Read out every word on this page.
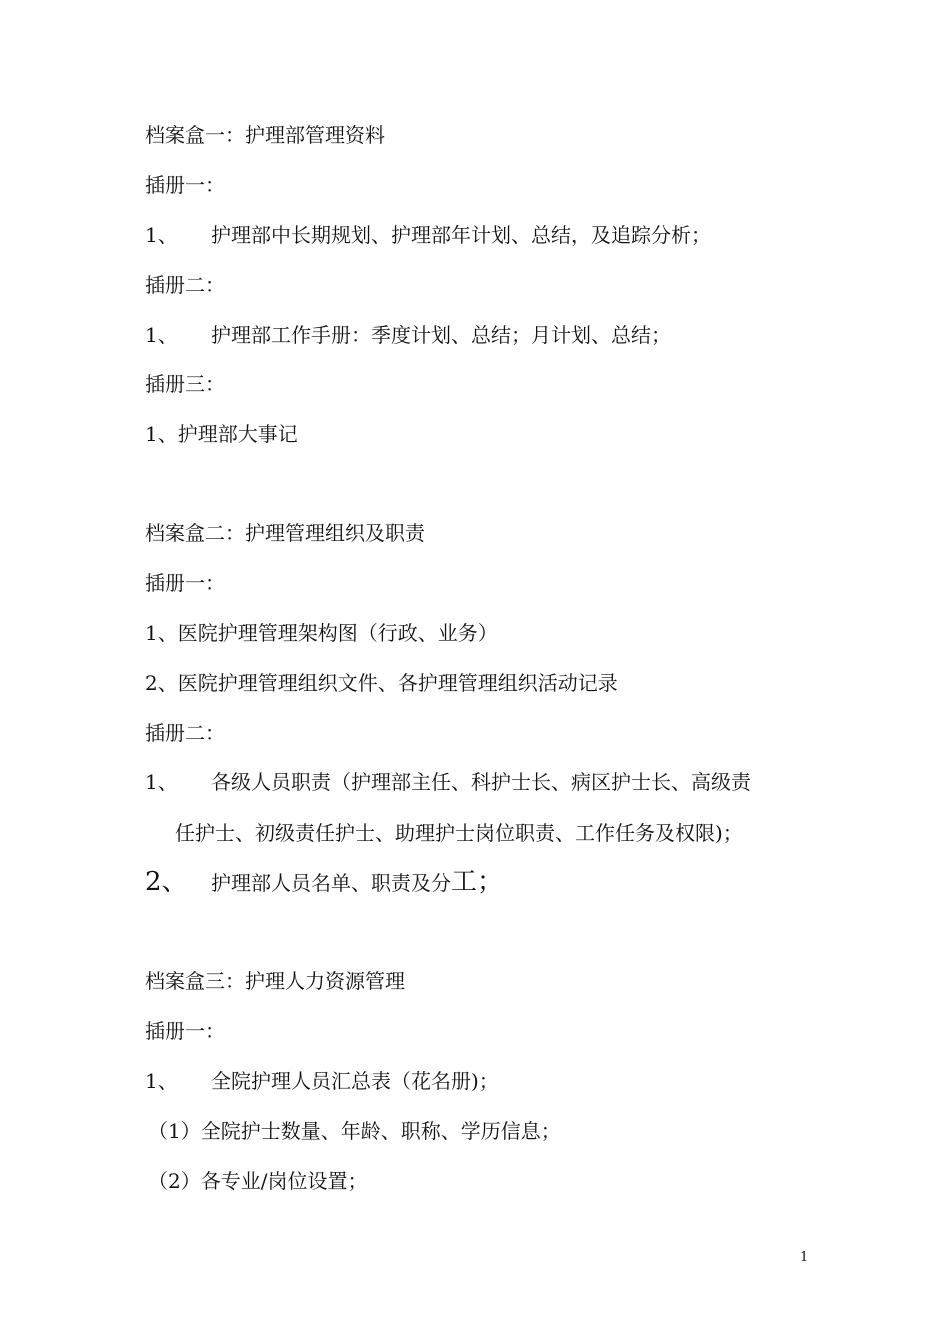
档案盒一：护理部管理资料
插册一：
1、 护理部中长期规划、护理部年计划、总结，及追踪分析；
插册二：
1、 护理部工作手册：季度计划、总结；月计划、总结；
插册三：
1、护理部大事记
档案盒二：护理管理组织及职责
插册一：
1、医院护理管理架构图（行政、业务）
2、医院护理管理组织文件、各护理管理组织活动记录
插册二：
1、 各级人员职责（护理部主任、科护士长、病区护士长、高级责
任护士、初级责任护士、助理护士岗位职责、工作任务及权限)；
2、 护理部人员名单、职责及分工；
档案盒三：护理人力资源管理
插册一：
1、 全院护理人员汇总表（花名册)；
（1）全院护士数量、年龄、职称、学历信息；
（2）各专业/岗位设置；
1
